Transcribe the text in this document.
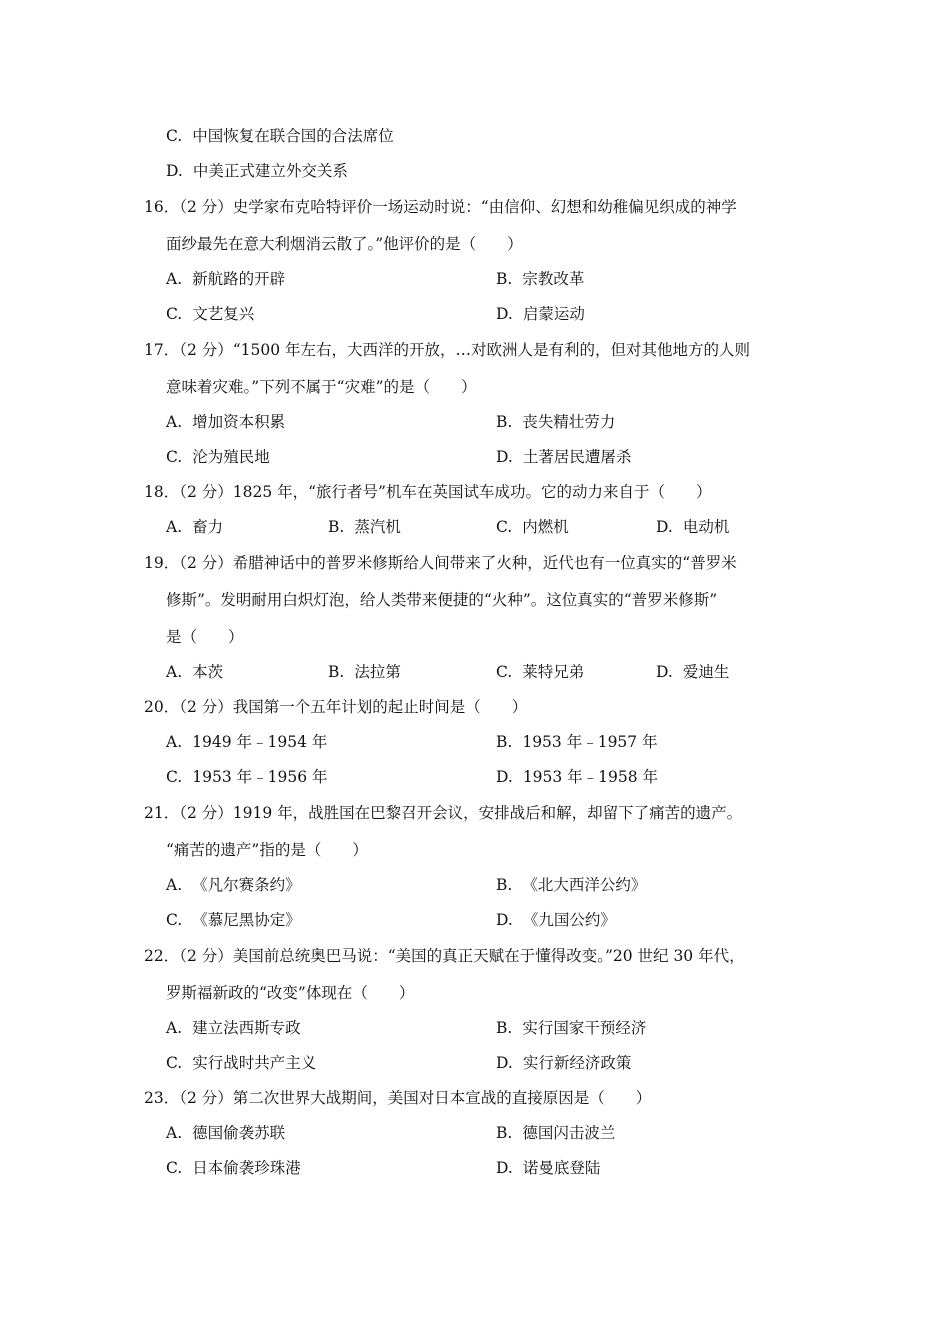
C. 中国恢复在联合国的合法席位
D. 中美正式建立外交关系
16．（2 分）史学家布克哈特评价一场运动时说：“由信仰、幻想和幼稚偏见织成的神学
面纱最先在意大利烟消云散了。”他评价的是（　　）
A. 新航路的开辟	B. 宗教改革
C. 文艺复兴	D. 启蒙运动
17．（2 分）“1500 年左右，大西洋的开放，…对欧洲人是有利的，但对其他地方的人则
意味着灾难。”下列不属于“灾难”的是（　　）
A. 增加资本积累	B. 丧失精壮劳力
C. 沦为殖民地	D. 土著居民遭屠杀
18．（2 分）1825 年，“旅行者号”机车在英国试车成功。它的动力来自于（　　）
A. 畜力	B. 蒸汽机	C. 内燃机	D. 电动机
19．（2 分）希腊神话中的普罗米修斯给人间带来了火种，近代也有一位真实的“普罗米
修斯”。发明耐用白炽灯泡，给人类带来便捷的“火种”。这位真实的“普罗米修斯”
是（　　）
A. 本茨	B. 法拉第	C. 莱特兄弟	D. 爱迪生
20．（2 分）我国第一个五年计划的起止时间是（　　）
A. 1949 年﹣1954 年	B. 1953 年﹣1957 年
C. 1953 年﹣1956 年	D. 1953 年﹣1958 年
21．（2 分）1919 年，战胜国在巴黎召开会议，安排战后和解，却留下了痛苦的遗产。
“痛苦的遗产”指的是（　　）
A. 《凡尔赛条约》	B. 《北大西洋公约》
C. 《慕尼黑协定》	D. 《九国公约》
22．（2 分）美国前总统奥巴马说：“美国的真正天赋在于懂得改变。”20 世纪 30 年代，
罗斯福新政的“改变”体现在（　　）
A. 建立法西斯专政	B. 实行国家干预经济
C. 实行战时共产主义	D. 实行新经济政策
23．（2 分）第二次世界大战期间，美国对日本宣战的直接原因是（　　）
A. 德国偷袭苏联	B. 德国闪击波兰
C. 日本偷袭珍珠港	D. 诺曼底登陆
